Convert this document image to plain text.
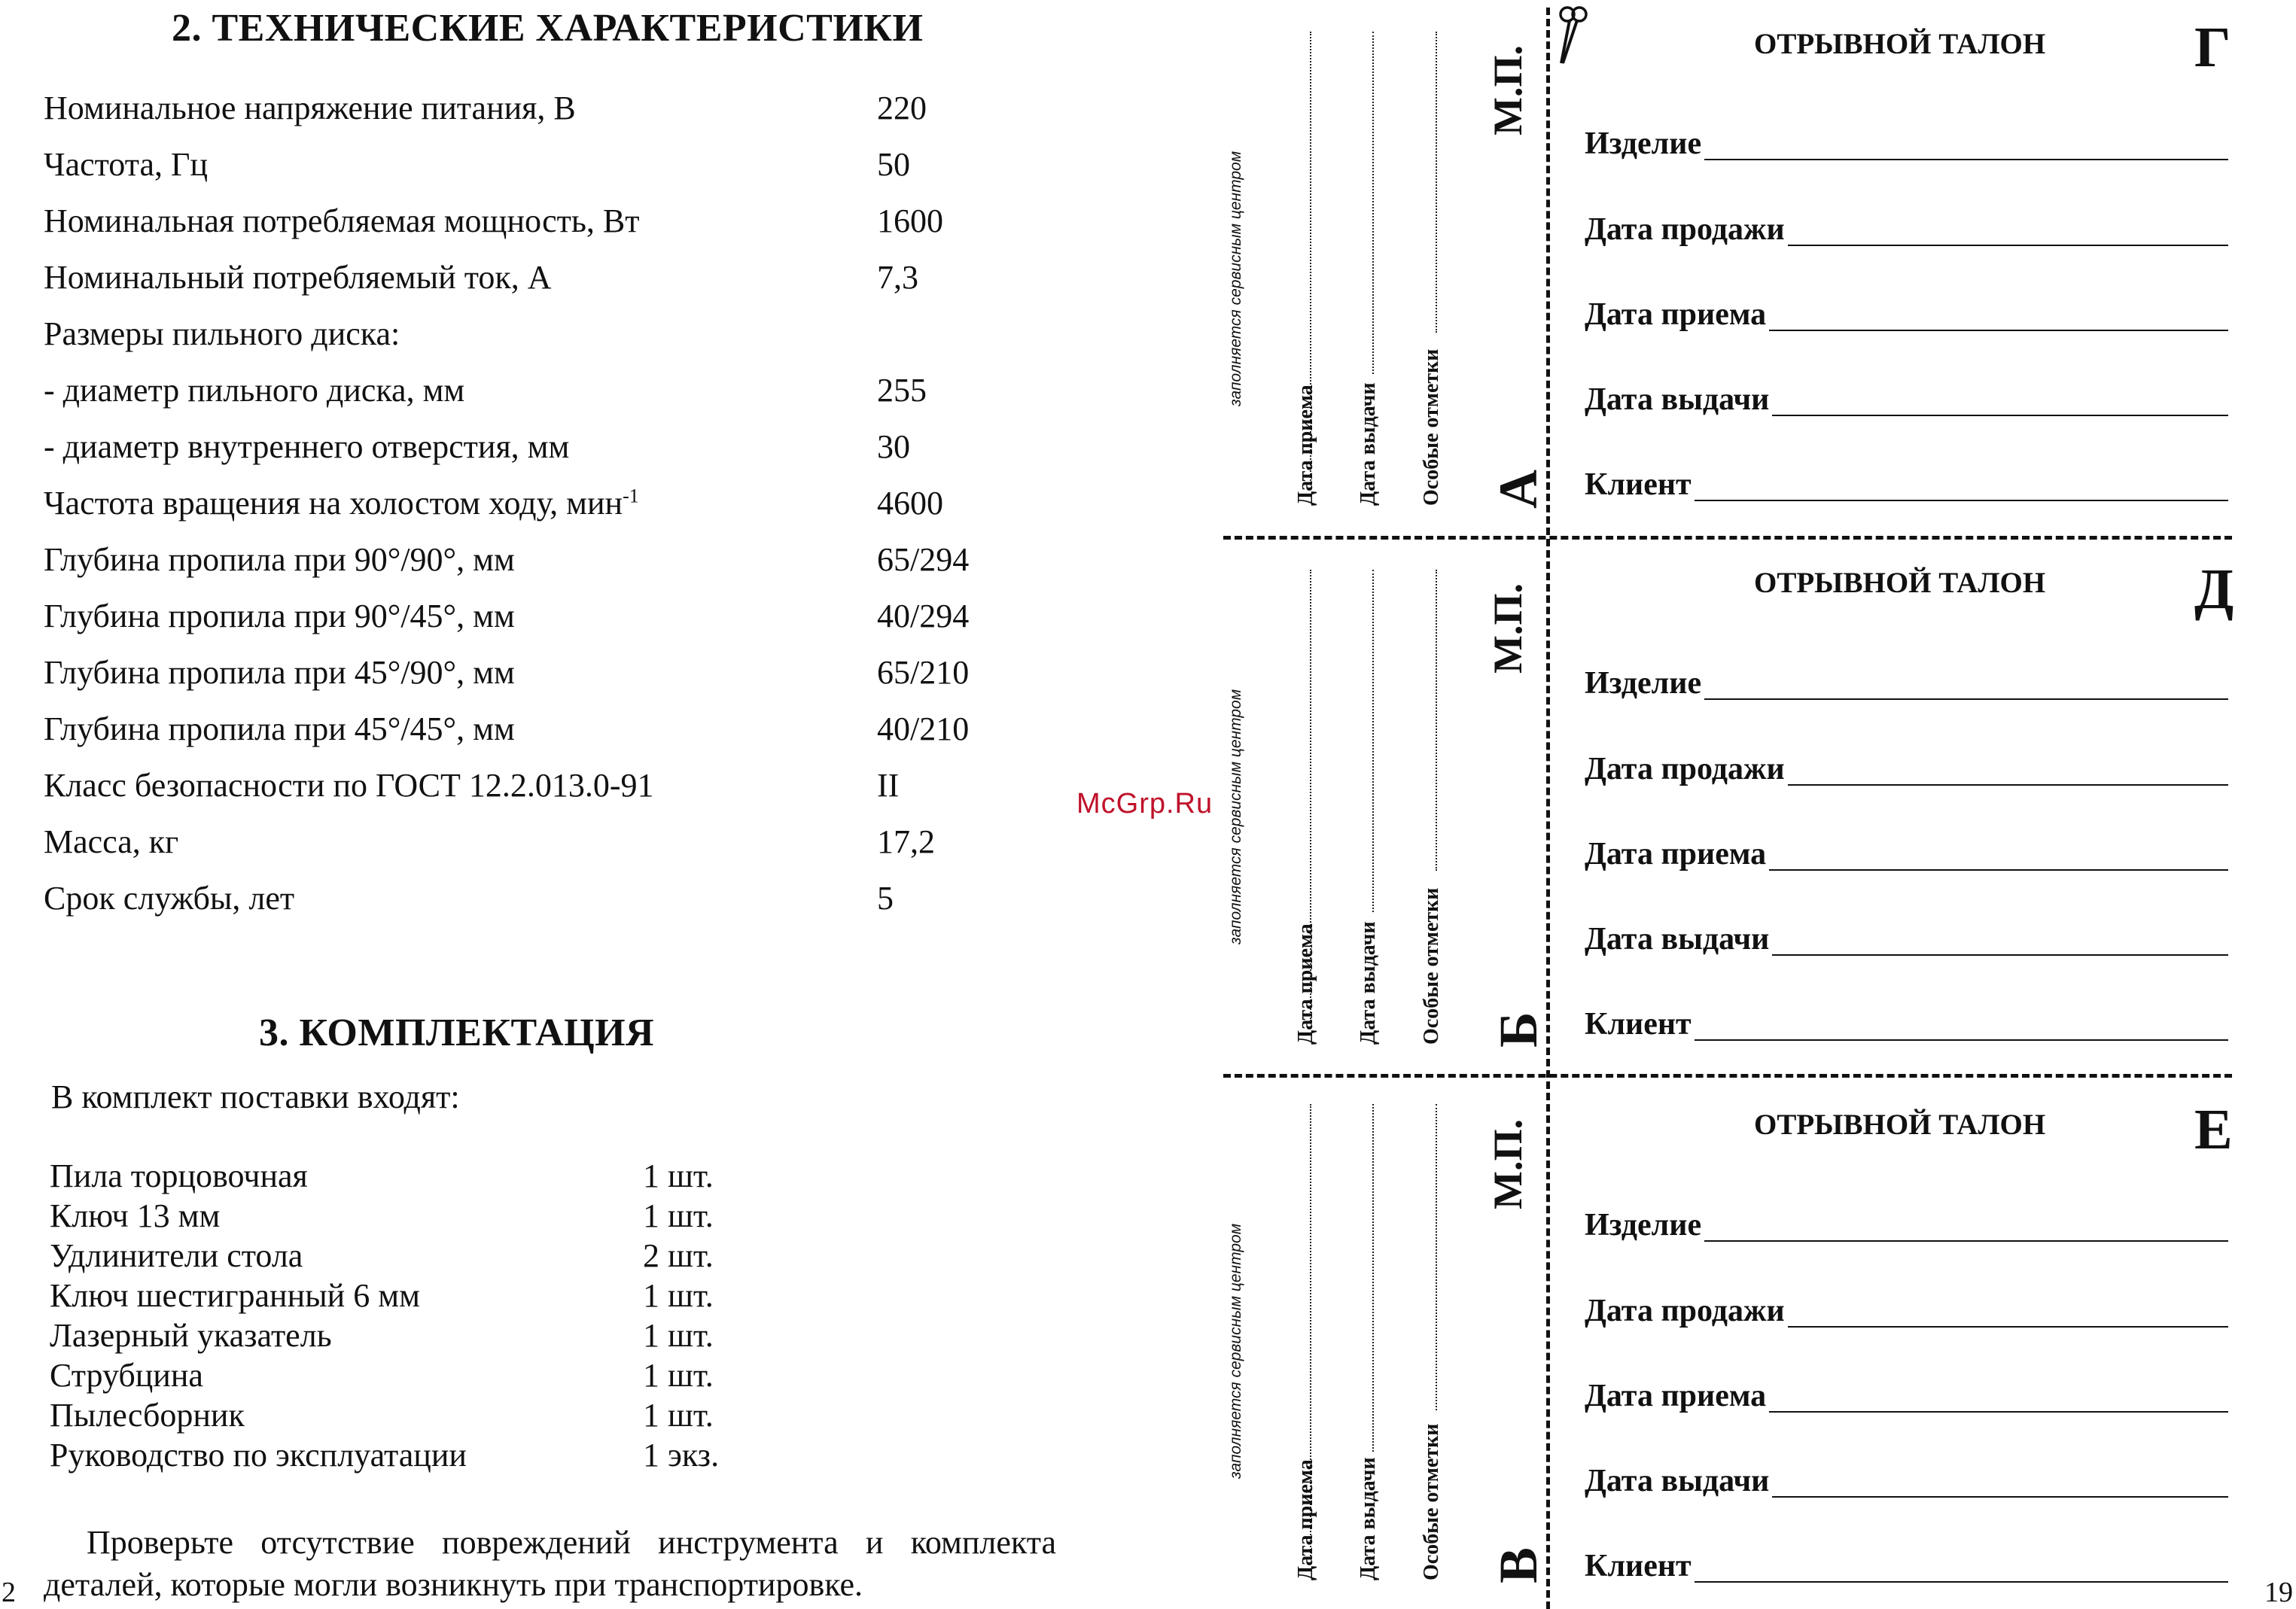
2. ТЕХНИЧЕСКИЕ ХАРАКТЕРИСТИКИ
Номинальное напряжение питания, В	220
Частота, Гц	50
Номинальная потребляемая мощность, Вт	1600
Номинальный потребляемый ток, А	7,3
Размеры пильного диска:
- диаметр пильного диска, мм	255
- диаметр внутреннего отверстия, мм	30
Частота вращения на холостом ходу, мин$^{-1}$	4600
Глубина пропила при 90°/90°, мм	65/294
Глубина пропила при 90°/45°, мм	40/294
Глубина пропила при 45°/90°, мм	65/210
Глубина пропила при 45°/45°, мм	40/210
Класс безопасности по ГОСТ 12.2.013.0-91	II
Масса, кг	17,2
Срок службы, лет	5
3. КОМПЛЕКТАЦИЯ
В комплект поставки входят:
Пила торцовочная	1 шт.
Ключ 13 мм	1 шт.
Удлинители стола	2 шт.
Ключ шестигранный 6 мм	1 шт.
Лазерный указатель	1 шт.
Струбцина	1 шт.
Пылесборник	1 шт.
Руководство по эксплуатации	1 экз.
Проверьте отсутствие повреждений инструмента и комплекта
деталей, которые могли возникнуть при транспортировке.
2	19
McGrp.Ru
заполняется сервисным центром
Дата приема Дата выдачи Особые отметки
М.П.
А
ОТРЫВНОЙ ТАЛОН	Г
Изделие
Дата продажи
Дата приема
Дата выдачи
Клиент
заполняется сервисным центром
Дата приема Дата выдачи Особые отметки
М.П.
Б
ОТРЫВНОЙ ТАЛОН	Д
Изделие
Дата продажи
Дата приема
Дата выдачи
Клиент
заполняется сервисным центром
Дата приема Дата выдачи Особые отметки
М.П.
В
ОТРЫВНОЙ ТАЛОН	Е
Изделие
Дата продажи
Дата приема
Дата выдачи
Клиент
